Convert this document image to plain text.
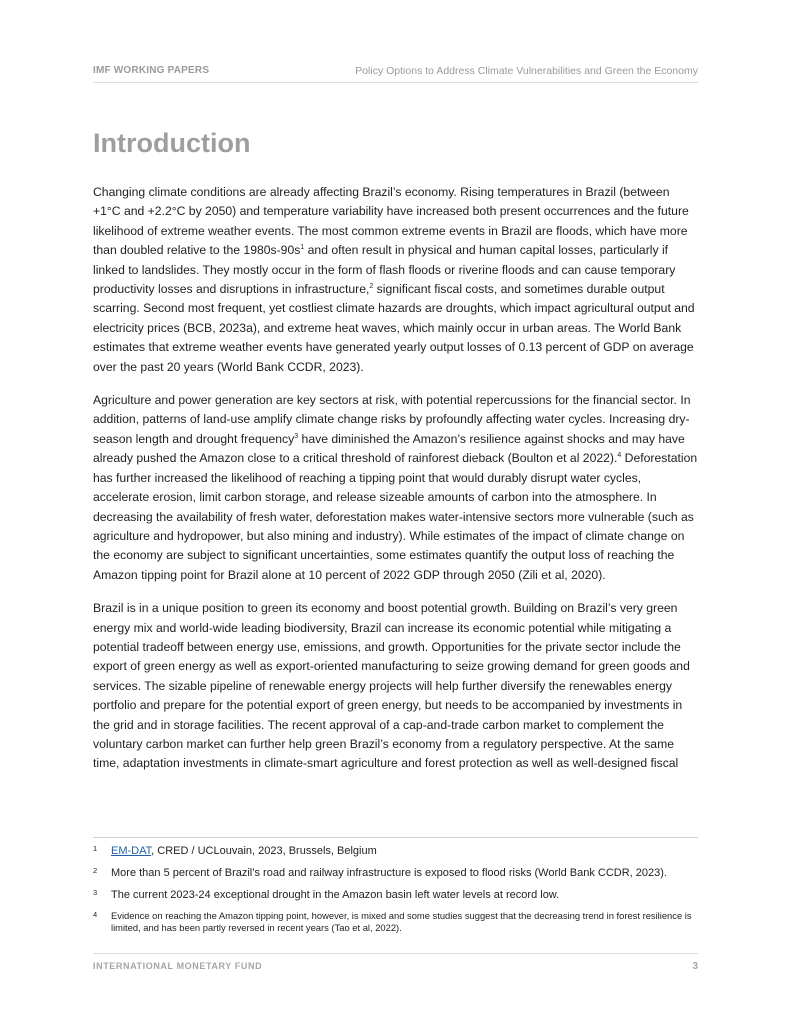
IMF WORKING PAPERS	Policy Options to Address Climate Vulnerabilities and Green the Economy
Introduction

Changing climate conditions are already affecting Brazil’s economy. Rising temperatures in Brazil (between +1°C and +2.2°C by 2050) and temperature variability have increased both present occurrences and the future likelihood of extreme weather events. The most common extreme events in Brazil are floods, which have more than doubled relative to the $1980s-90s^1$ and often result in physical and human capital losses, particularly if linked to landslides. They mostly occur in the form of flash floods or riverine floods and can cause temporary productivity losses and disruptions in infrastructure,$^2$ significant fiscal costs, and sometimes durable output scarring. Second most frequent, yet costliest climate hazards are droughts, which impact agricultural output and electricity prices (BCB, 2023a), and extreme heat waves, which mainly occur in urban areas. The World Bank estimates that extreme weather events have generated yearly output losses of 0.13 percent of GDP on average over the past 20 years (World Bank CCDR, 2023).

Agriculture and power generation are key sectors at risk, with potential repercussions for the financial sector. In addition, patterns of land-use amplify climate change risks by profoundly affecting water cycles. Increasing dry-season length and drought frequency$^3$ have diminished the Amazon’s resilience against shocks and may have already pushed the Amazon close to a critical threshold of rainforest dieback (Boulton et al 2022).$^4$ Deforestation has further increased the likelihood of reaching a tipping point that would durably disrupt water cycles, accelerate erosion, limit carbon storage, and release sizeable amounts of carbon into the atmosphere. In decreasing the availability of fresh water, deforestation makes water-intensive sectors more vulnerable (such as agriculture and hydropower, but also mining and industry). While estimates of the impact of climate change on the economy are subject to significant uncertainties, some estimates quantify the output loss of reaching the Amazon tipping point for Brazil alone at 10 percent of 2022 GDP through 2050 (Zili et al, 2020).

Brazil is in a unique position to green its economy and boost potential growth. Building on Brazil’s very green energy mix and world-wide leading biodiversity, Brazil can increase its economic potential while mitigating a potential tradeoff between energy use, emissions, and growth. Opportunities for the private sector include the export of green energy as well as export-oriented manufacturing to seize growing demand for green goods and services. The sizable pipeline of renewable energy projects will help further diversify the renewables energy portfolio and prepare for the potential export of green energy, but needs to be accompanied by investments in the grid and in storage facilities. The recent approval of a cap-and-trade carbon market to complement the voluntary carbon market can further help green Brazil’s economy from a regulatory perspective. At the same time, adaptation investments in climate-smart agriculture and forest protection as well as well-designed fiscal

1	EM-DAT, CRED / UCLouvain, 2023, Brussels, Belgium
2	More than 5 percent of Brazil’s road and railway infrastructure is exposed to flood risks (World Bank CCDR, 2023).
3	The current 2023-24 exceptional drought in the Amazon basin left water levels at record low.
4	Evidence on reaching the Amazon tipping point, however, is mixed and some studies suggest that the decreasing trend in forest resilience is limited, and has been partly reversed in recent years (Tao et al, 2022).
INTERNATIONAL MONETARY FUND	3
